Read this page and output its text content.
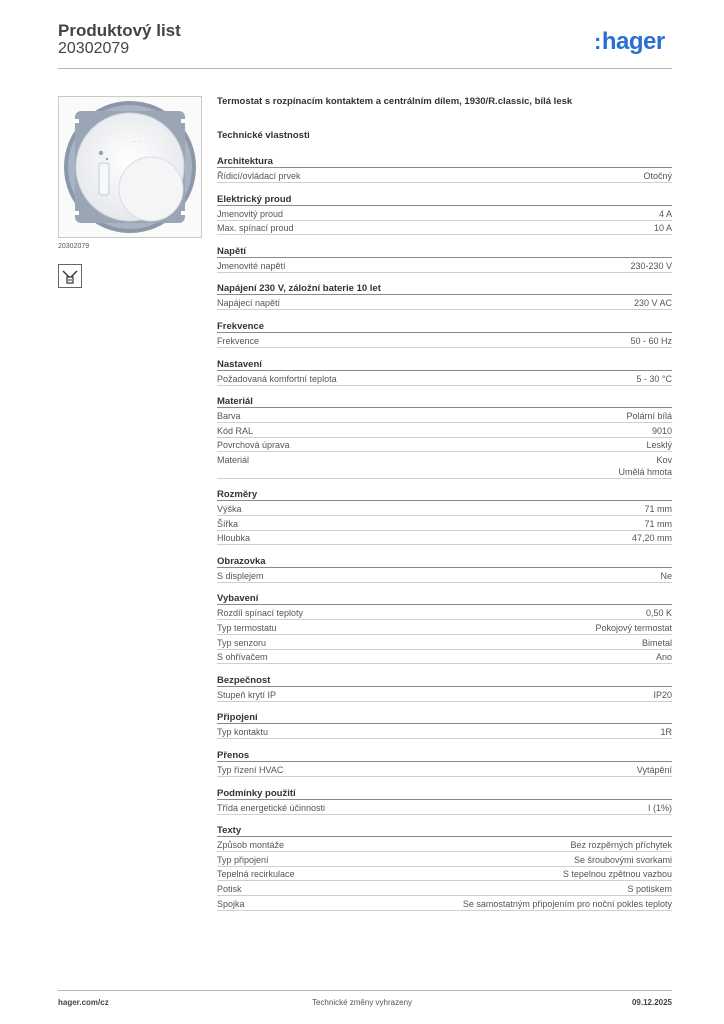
Produktový list
20302079	:hager
· · ·
20302079
Termostat s rozpínacím kontaktem a centrálním dílem, 1930/R.classic, bílá lesk
Technické vlastnosti
Architektura
Řídicí/ovládací prvek	Otočný
Elektrický proud
Jmenovitý proud	4 A
Max. spínací proud	10 A
Napětí
Jmenovité napětí	230-230 V
Napájení 230 V, záložní baterie 10 let
Napájecí napětí	230 V AC
Frekvence
Frekvence	50 - 60 Hz
Nastavení
Požadovaná komfortní teplota	5 - 30 °C
Materiál
Barva	Polární bílá
Kód RAL	9010
Povrchová úprava	Lesklý
Materiál	Kov
Umělá hmota
Rozměry
Výška	71 mm
Šířka	71 mm
Hloubka	47,20 mm
Obrazovka
S displejem	Ne
Vybavení
Rozdíl spínací teploty	0,50 K
Typ termostatu	Pokojový termostat
Typ senzoru	Bimetal
S ohřívačem	Ano
Bezpečnost
Stupeň krytí IP	IP20
Připojení
Typ kontaktu	1R
Přenos
Typ řízení HVAC	Vytápění
Podmínky použití
Třída energetické účinnosti	I (1%)
Texty
Způsob montáže	Bez rozpěrných příchytek
Typ připojení	Se šroubovými svorkami
Tepelná recirkulace	S tepelnou zpětnou vazbou
Potisk	S potiskem
Spojka	Se samostatným připojením pro noční pokles teploty
hager.com/cz	Technické změny vyhrazeny	09.12.2025
